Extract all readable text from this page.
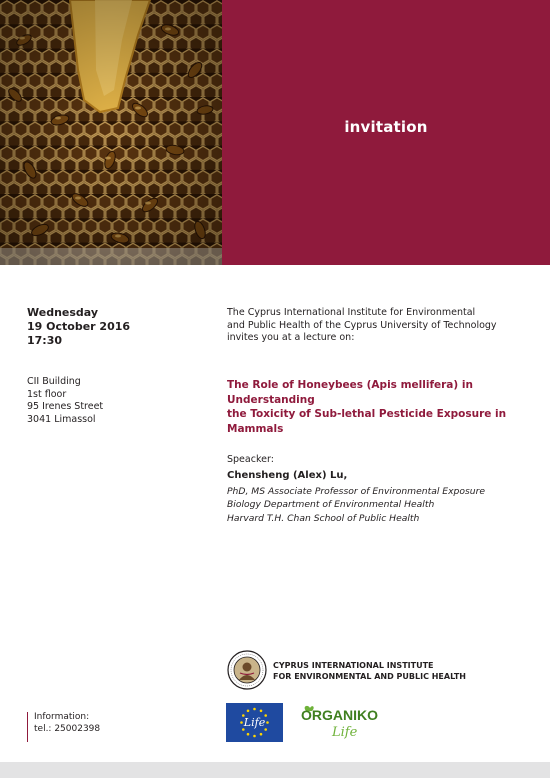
invitation
Wednesday
19 October 2016
17:30
CII Building
1st floor
95 Irenes Street
3041 Limassol
The Cyprus International Institute for Environmental
and Public Health of the Cyprus University of Technology
invites you at a lecture on:
The Role of Honeybees (Apis mellifera) in Understanding
the Toxicity of Sub-lethal Pesticide Exposure in Mammals
Speacker:
Chensheng (Alex) Lu,
PhD, MS Associate Professor of Environmental Exposure
Biology Department of Environmental Health
Harvard T.H. Chan School of Public Health
CYPRUS INTERNATIONAL INSTITUTE
FOR ENVIRONMENTAL AND PUBLIC HEALTH
Life	ORGANIKO
Life
Information:
tel.: 25002398
